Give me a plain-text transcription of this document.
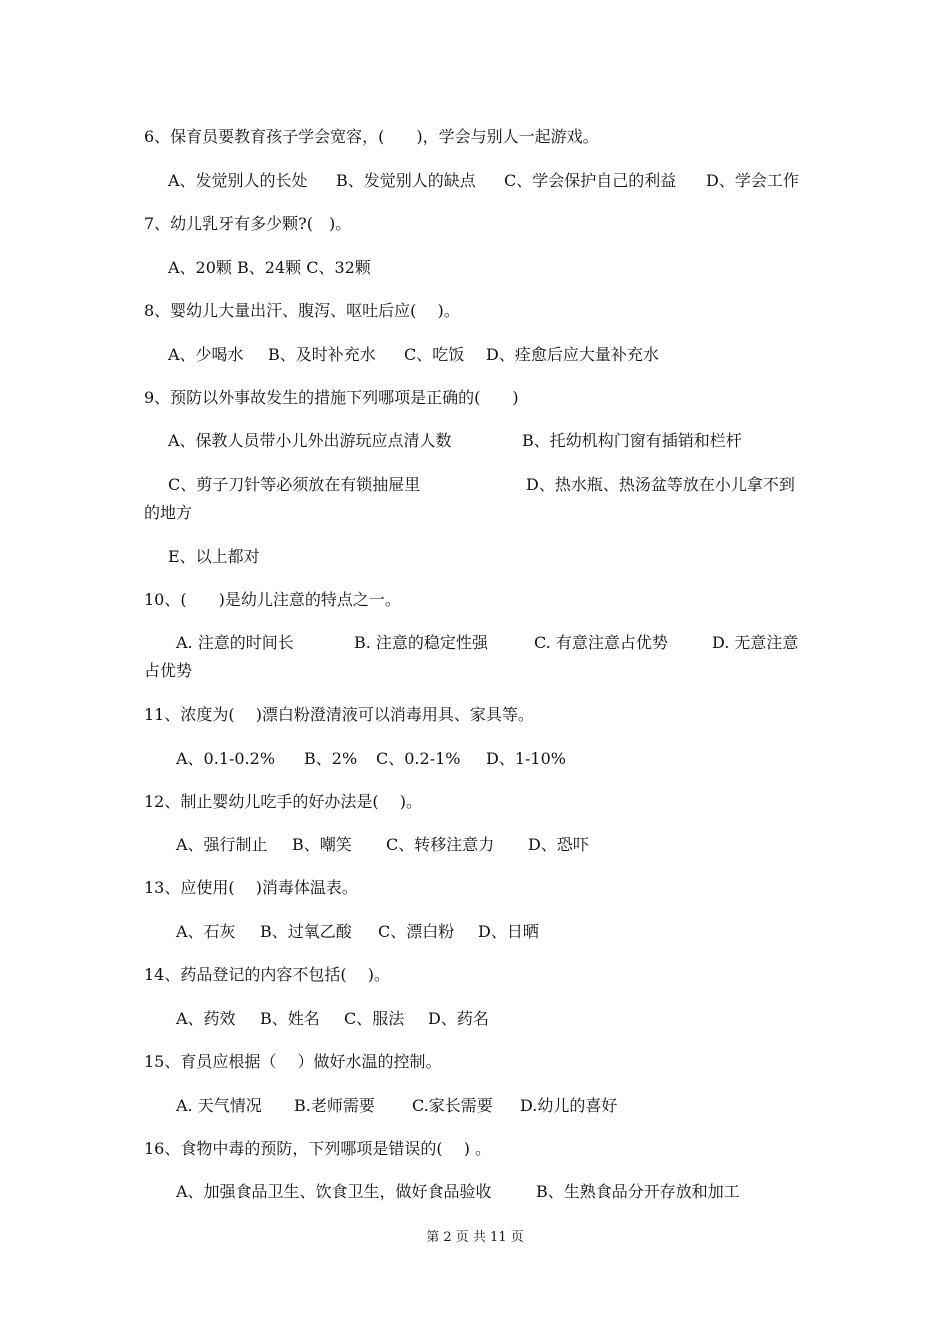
6、保育员要教育孩子学会宽容，(　　)，学会与别人一起游戏。
A、发觉别人的长处 B、发觉别人的缺点 C、学会保护自己的利益 D、学会工作
7、幼儿乳牙有多少颗?(　)。
A、20颗 B、24颗 C、32颗
8、婴幼儿大量出汗、腹泻、呕吐后应(　 )。
A、少喝水 B、及时补充水 C、吃饭 D、痊愈后应大量补充水
9、预防以外事故发生的措施下列哪项是正确的(　　)
A、保教人员带小儿外出游玩应点清人数	B、托幼机构门窗有插销和栏杆
C、剪子刀针等必须放在有锁抽屉里	D、热水瓶、热汤盆等放在小儿拿不到
的地方
E、以上都对
10、(　　)是幼儿注意的特点之一。
A. 注意的时间长	B. 注意的稳定性强	C. 有意注意占优势	D. 无意注意
占优势
11、浓度为(　 )漂白粉澄清液可以消毒用具、家具等。
A、0.1-0.2% B、2% C、0.2-1% D、1-10%
12、制止婴幼儿吃手的好办法是(　 )。
A、强行制止 B、嘲笑 C、转移注意力 D、恐吓
13、应使用(　 )消毒体温表。
A、石灰 B、过氧乙酸 C、漂白粉 D、日晒
14、药品登记的内容不包括(　 )。
A、药效 B、姓名 C、服法 D、药名
15、育员应根据（　 ）做好水温的控制。
A. 天气情况 B.老师需要 C.家长需要 D.幼儿的喜好
16、食物中毒的预防，下列哪项是错误的(　 ) 。
A、加强食品卫生、饮食卫生，做好食品验收	B、生熟食品分开存放和加工
第 2 页 共 11 页
